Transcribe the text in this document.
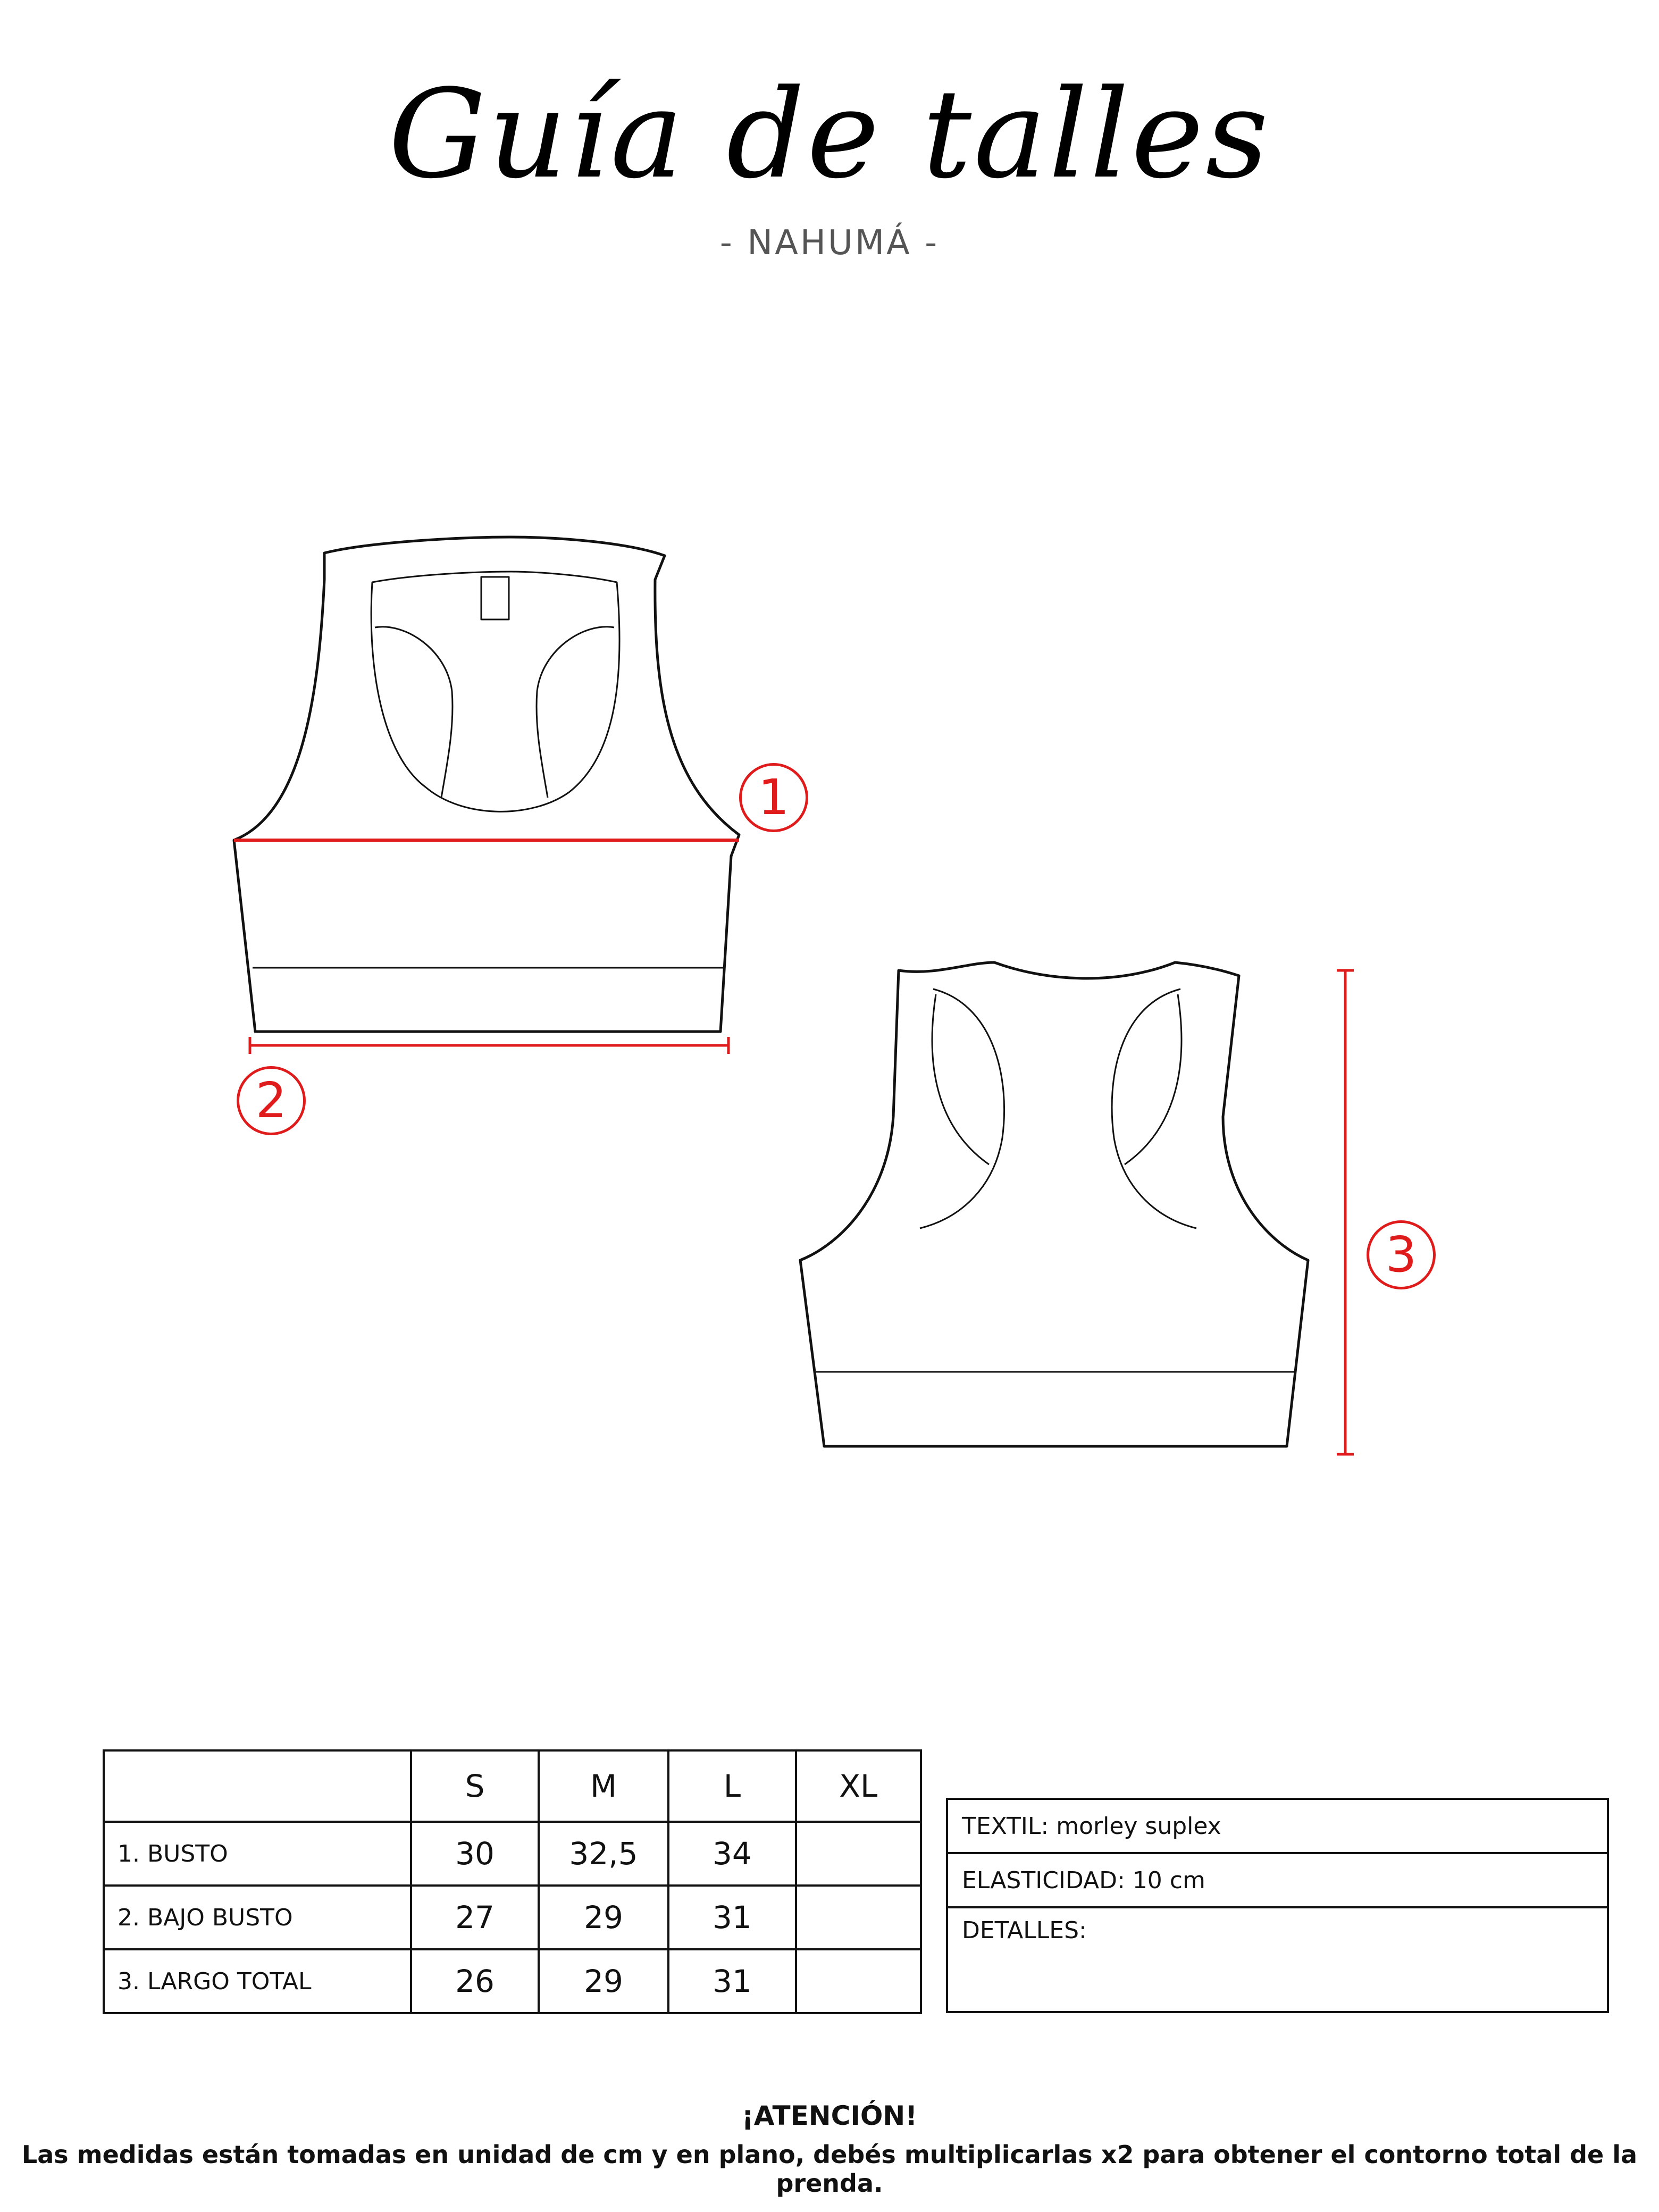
Guía de talles
- NAHUMÁ -
1
2
3
	S	M	L	XL
1. BUSTO	30	32,5	34	
2. BAJO BUSTO	27	29	31	
3. LARGO TOTAL	26	29	31	
TEXTIL: morley suplex
ELASTICIDAD: 10 cm
DETALLES:
¡ATENCIÓN!
Las medidas están tomadas en unidad de cm y en plano, debés multiplicarlas x2 para obtener el contorno total de la prenda.
